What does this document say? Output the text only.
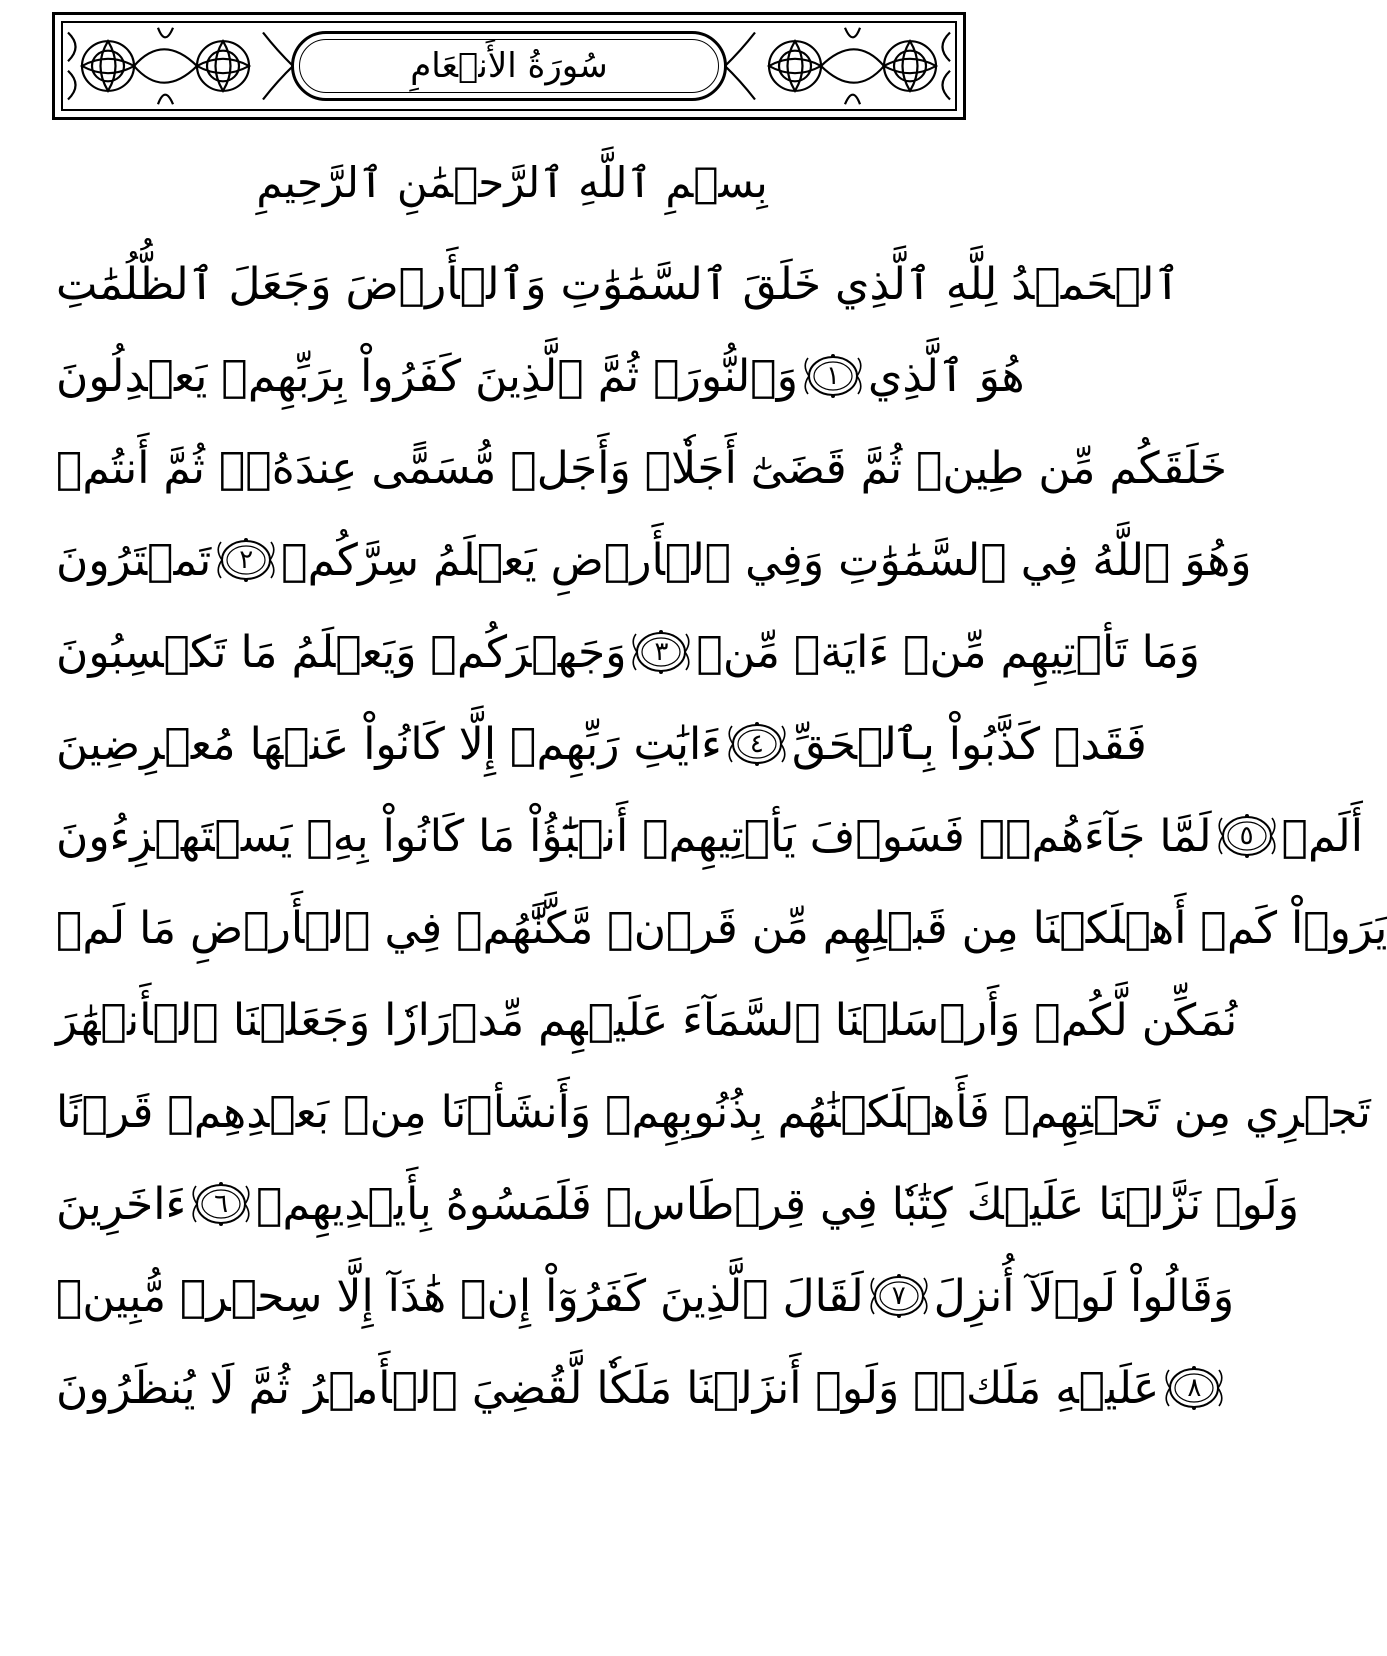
سُورَةُ الأَنۡعَامِ
بِسۡمِ ٱللَّهِ ٱلرَّحۡمَٰنِ ٱلرَّحِيمِ
ٱلۡحَمۡدُ لِلَّهِ ٱلَّذِي خَلَقَ ٱلسَّمَٰوَٰتِ وَٱلۡأَرۡضَ وَجَعَلَ ٱلظُّلُمَٰتِ
وَٱلنُّورَۖ ثُمَّ ٱلَّذِينَ كَفَرُواْ بِرَبِّهِمۡ يَعۡدِلُونَ ١ هُوَ ٱلَّذِي
خَلَقَكُم مِّن طِينٖ ثُمَّ قَضَىٰٓ أَجَلٗاۖ وَأَجَلٞ مُّسَمًّى عِندَهُۥۖ ثُمَّ أَنتُمۡ
تَمۡتَرُونَ ٢ وَهُوَ ٱللَّهُ فِي ٱلسَّمَٰوَٰتِ وَفِي ٱلۡأَرۡضِ يَعۡلَمُ سِرَّكُمۡ
وَجَهۡرَكُمۡ وَيَعۡلَمُ مَا تَكۡسِبُونَ ٣ وَمَا تَأۡتِيهِم مِّنۡ ءَايَةٖ مِّنۡ
ءَايَٰتِ رَبِّهِمۡ إِلَّا كَانُواْ عَنۡهَا مُعۡرِضِينَ ٤ فَقَدۡ كَذَّبُواْ بِٱلۡحَقِّ
لَمَّا جَآءَهُمۡۖ فَسَوۡفَ يَأۡتِيهِمۡ أَنۢبَٰٓؤُاْ مَا كَانُواْ بِهِۦ يَسۡتَهۡزِءُونَ ٥ أَلَمۡ
يَرَوۡاْ كَمۡ أَهۡلَكۡنَا مِن قَبۡلِهِم مِّن قَرۡنٖ مَّكَّنَّٰهُمۡ فِي ٱلۡأَرۡضِ مَا لَمۡ
نُمَكِّن لَّكُمۡ وَأَرۡسَلۡنَا ٱلسَّمَآءَ عَلَيۡهِم مِّدۡرَارٗا وَجَعَلۡنَا ٱلۡأَنۡهَٰرَ
تَجۡرِي مِن تَحۡتِهِمۡ فَأَهۡلَكۡنَٰهُم بِذُنُوبِهِمۡ وَأَنشَأۡنَا مِنۢ بَعۡدِهِمۡ قَرۡنًا
ءَاخَرِينَ ٦ وَلَوۡ نَزَّلۡنَا عَلَيۡكَ كِتَٰبٗا فِي قِرۡطَاسٖ فَلَمَسُوهُ بِأَيۡدِيهِمۡ
لَقَالَ ٱلَّذِينَ كَفَرُوٓاْ إِنۡ هَٰذَآ إِلَّا سِحۡرٞ مُّبِينٞ ٧ وَقَالُواْ لَوۡلَآ أُنزِلَ
عَلَيۡهِ مَلَكٞۖ وَلَوۡ أَنزَلۡنَا مَلَكٗا لَّقُضِيَ ٱلۡأَمۡرُ ثُمَّ لَا يُنظَرُونَ ٨
